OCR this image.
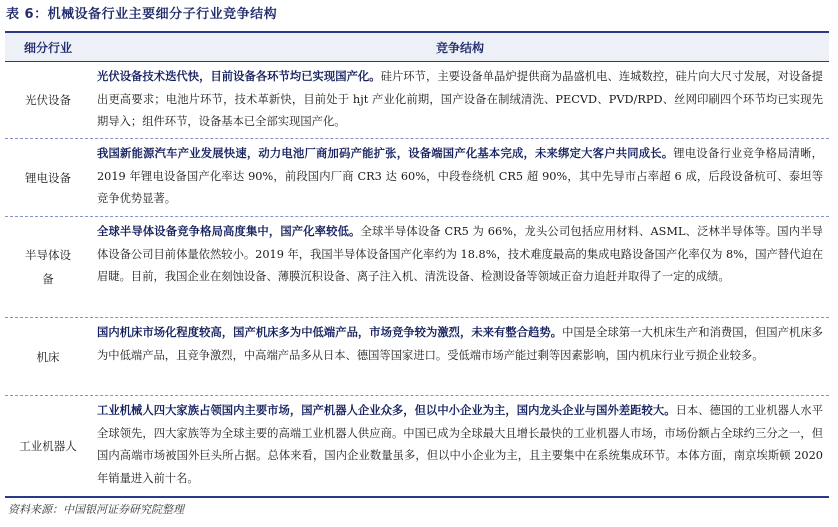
表 6：机械设备行业主要细分子行业竞争结构
细分行业	竞争结构
光伏设备
光伏设备技术迭代快，目前设备各环节均已实现国产化。硅片环节，主要设备单晶炉提供商为晶盛机电、连城数控，硅片向大尺寸发展，对设备提出更高要求；电池片环节，技术革新快，目前处于 hjt 产业化前期，国产设备在制绒清洗、PECVD、PVD/RPD、丝网印刷四个环节均已实现先期导入；组件环节，设备基本已全部实现国产化。
锂电设备
我国新能源汽车产业发展快速，动力电池厂商加码产能扩张，设备端国产化基本完成，未来绑定大客户共同成长。锂电设备行业竞争格局清晰，2019 年锂电设备国产化率达 90%，前段国内厂商 CR3 达 60%，中段卷绕机 CR5 超 90%，其中先导市占率超 6 成，后段设备杭可、泰坦等竞争优势显著。
半导体设备
全球半导体设备竞争格局高度集中，国产化率较低。全球半导体设备 CR5 为 66%，龙头公司包括应用材料、ASML、泛林半导体等。国内半导体设备公司目前体量依然较小。2019 年，我国半导体设备国产化率约为 18.8%，技术难度最高的集成电路设备国产化率仅为 8%，国产替代迫在眉睫。目前，我国企业在刻蚀设备、薄膜沉积设备、离子注入机、清洗设备、检测设备等领域正奋力追赶并取得了一定的成绩。
机床
国内机床市场化程度较高，国产机床多为中低端产品，市场竞争较为激烈，未来有整合趋势。中国是全球第一大机床生产和消费国，但国产机床多为中低端产品，且竞争激烈，中高端产品多从日本、德国等国家进口。受低端市场产能过剩等因素影响，国内机床行业亏损企业较多。
工业机器人
工业机械人四大家族占领国内主要市场，国产机器人企业众多，但以中小企业为主，国内龙头企业与国外差距较大。日本、德国的工业机器人水平全球领先，四大家族等为全球主要的高端工业机器人供应商。中国已成为全球最大且增长最快的工业机器人市场，市场份额占全球约三分之一，但国内高端市场被国外巨头所占据。总体来看，国内企业数量虽多，但以中小企业为主，且主要集中在系统集成环节。本体方面，南京埃斯顿 2020 年销量进入前十名。
资料来源：中国银河证券研究院整理
